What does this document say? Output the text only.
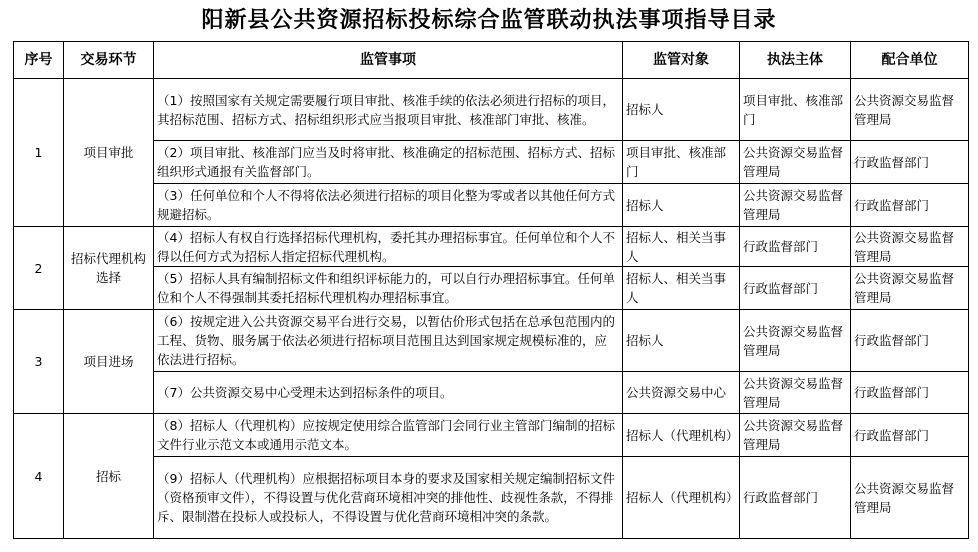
阳新县公共资源招标投标综合监管联动执法事项指导目录
序号	交易环节	监管事项	监管对象	执法主体	配合单位
1	项目审批	（1）按照国家有关规定需要履行项目审批、核准手续的依法必须进行招标的项目，其招标范围、招标方式、招标组织形式应当报项目审批、核准部门审批、核准。	招标人	项目审批、核准部门	公共资源交易监督管理局
		（2）项目审批、核准部门应当及时将审批、核准确定的招标范围、招标方式、招标组织形式通报有关监督部门。	项目审批、核准部门	公共资源交易监督管理局	行政监督部门
		（3）任何单位和个人不得将依法必须进行招标的项目化整为零或者以其他任何方式规避招标。	招标人	公共资源交易监督管理局	行政监督部门
2	招标代理机构选择	（4）招标人有权自行选择招标代理机构，委托其办理招标事宜。任何单位和个人不得以任何方式为招标人指定招标代理机构。	招标人、相关当事人	行政监督部门	公共资源交易监督管理局
		（5）招标人具有编制招标文件和组织评标能力的，可以自行办理招标事宜。任何单位和个人不得强制其委托招标代理机构办理招标事宜。	招标人、相关当事人	行政监督部门	公共资源交易监督管理局
3	项目进场	（6）按规定进入公共资源交易平台进行交易，以暂估价形式包括在总承包范围内的工程、货物、服务属于依法必须进行招标项目范围且达到国家规定规模标准的，应依法进行招标。	招标人	公共资源交易监督管理局	行政监督部门
		（7）公共资源交易中心受理未达到招标条件的项目。	公共资源交易中心	公共资源交易监督管理局	行政监督部门
4	招标	（8）招标人（代理机构）应按规定使用综合监管部门会同行业主管部门编制的招标文件行业示范文本或通用示范文本。	招标人（代理机构）	公共资源交易监督管理局	行政监督部门
		（9）招标人（代理机构）应根据招标项目本身的要求及国家相关规定编制招标文件（资格预审文件），不得设置与优化营商环境相冲突的排他性、歧视性条款，不得排斥、限制潜在投标人或投标人，不得设置与优化营商环境相冲突的条款。	招标人（代理机构）	行政监督部门	公共资源交易监督管理局
